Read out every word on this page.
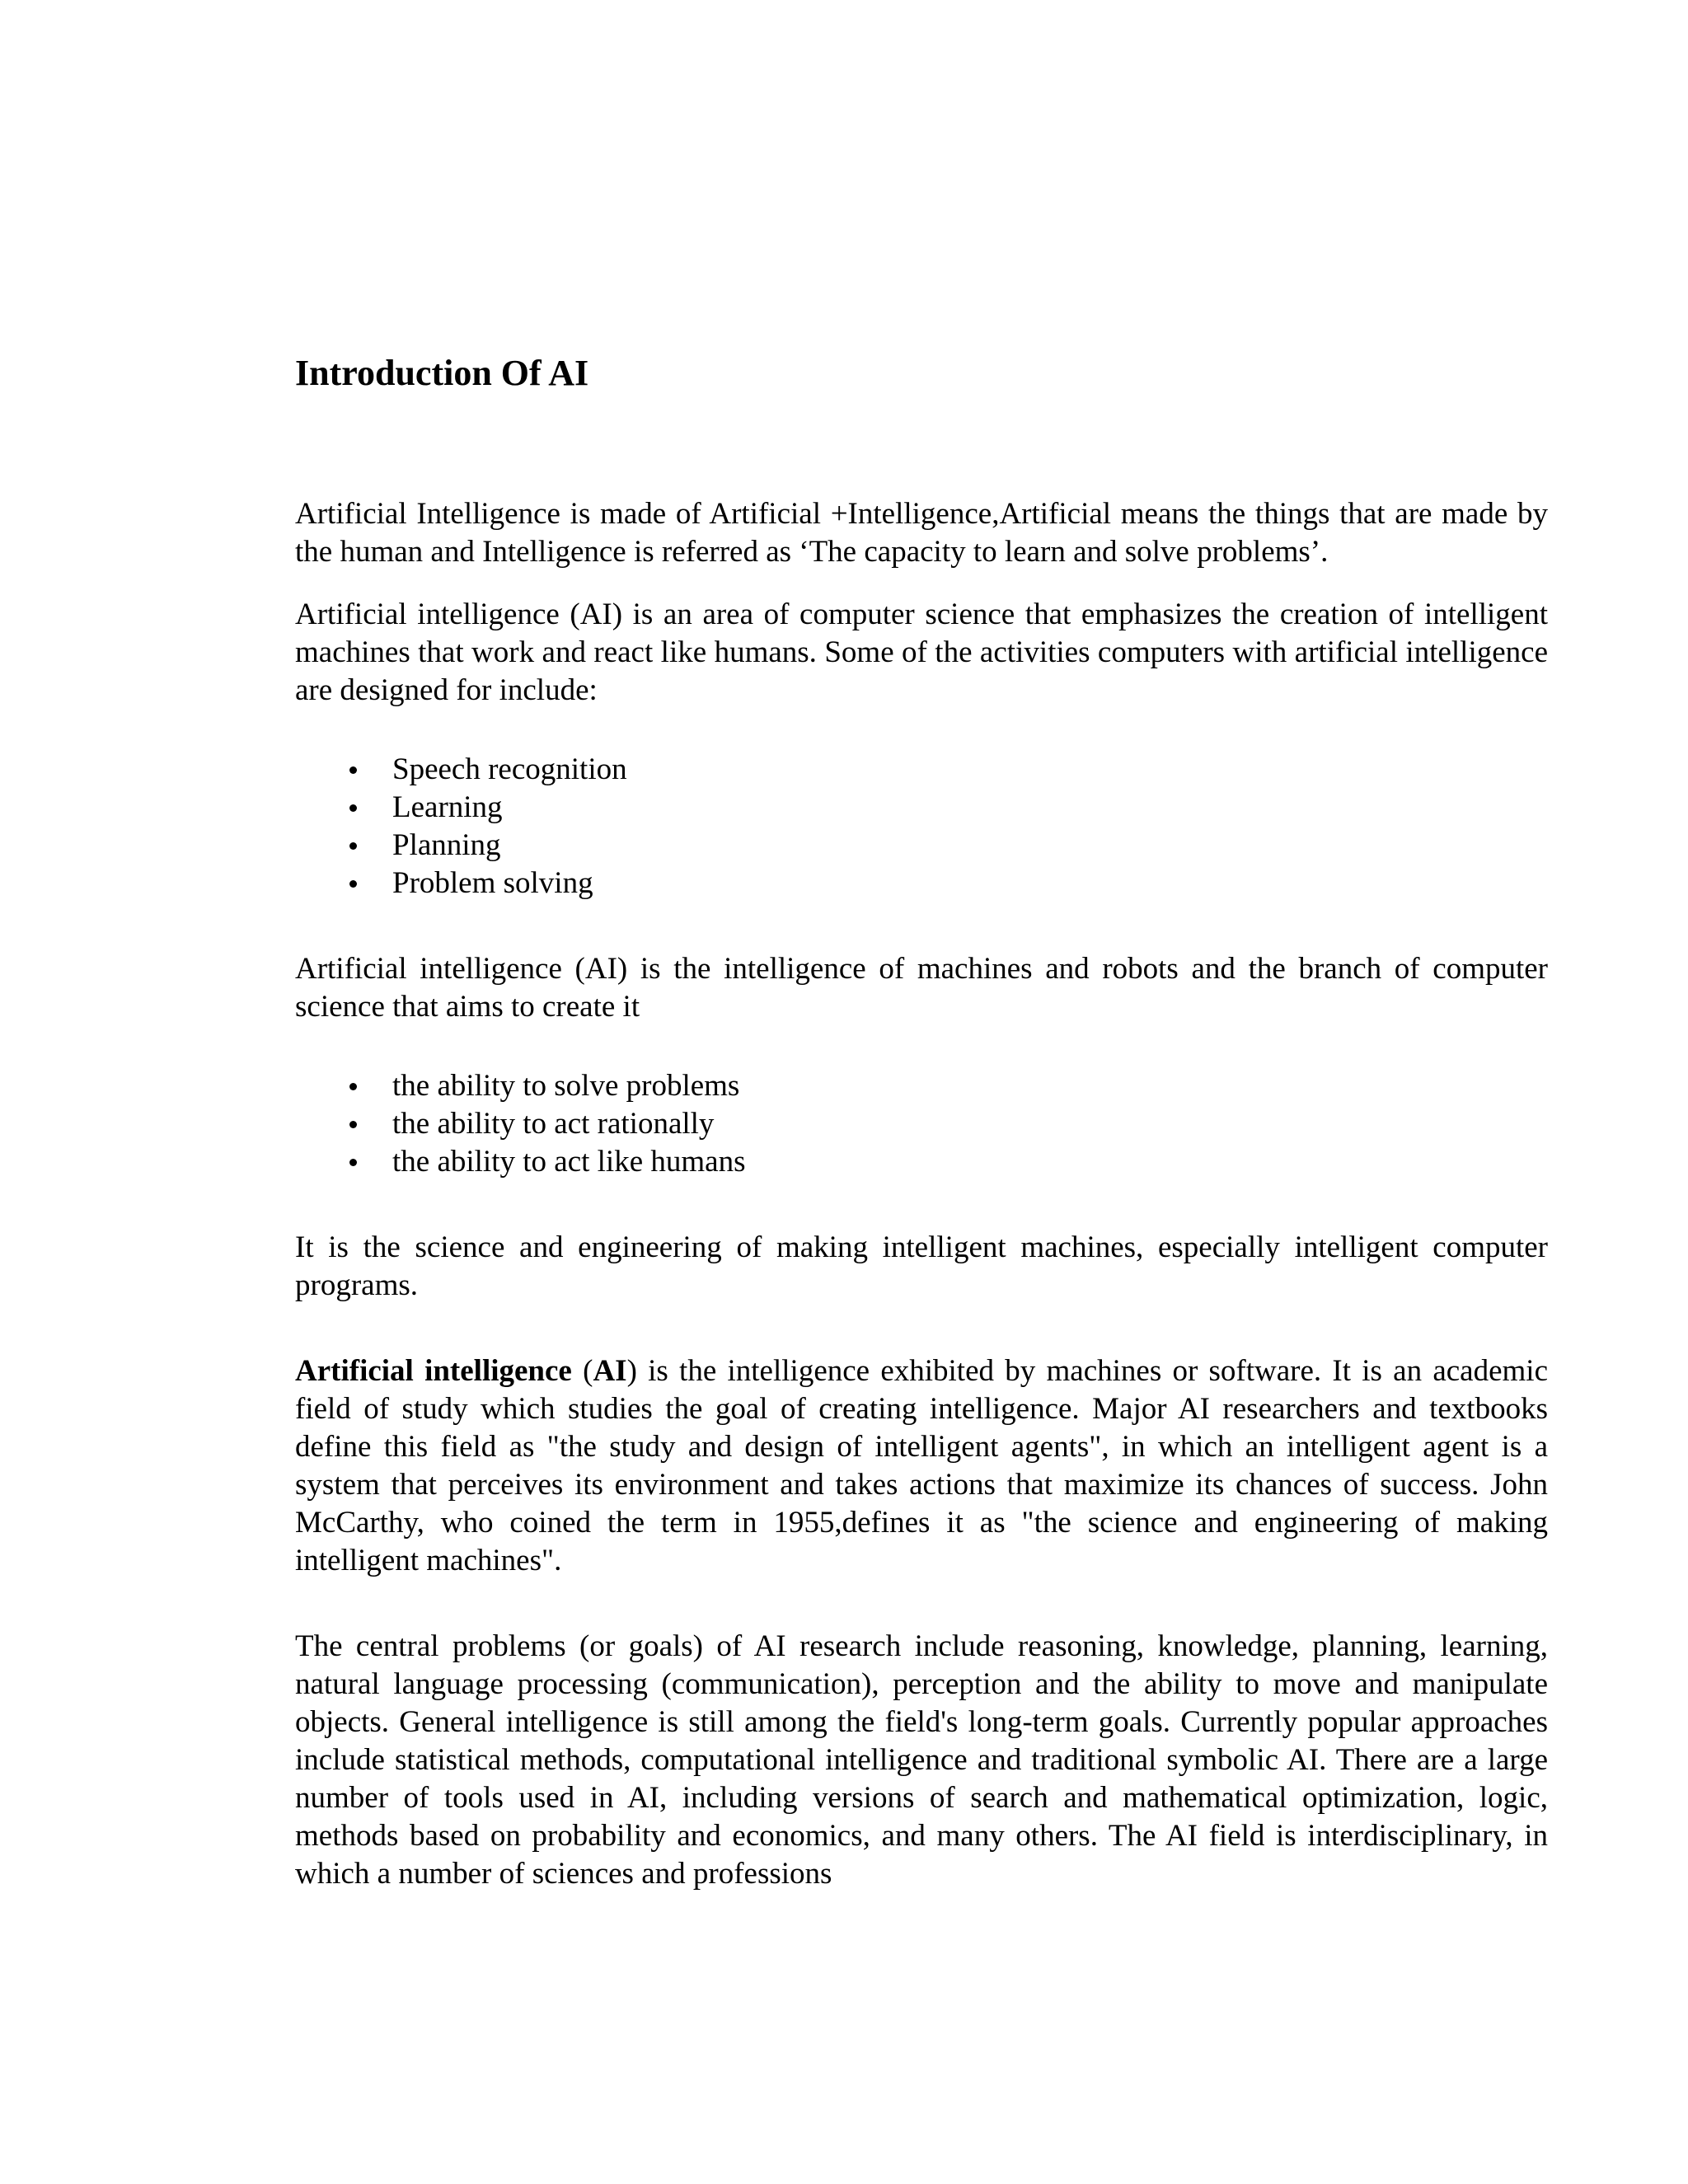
Introduction Of AI

Artificial Intelligence is made of Artificial +Intelligence,Artificial means the things that are made by the human and Intelligence is referred as ‘The capacity to learn and solve problems’.

Artificial intelligence (AI) is an area of computer science that emphasizes the creation of intelligent machines that work and react like humans. Some of the activities computers with artificial intelligence are designed for include:

Speech recognition
Learning
Planning
Problem solving

Artificial intelligence (AI) is the intelligence of machines and robots and the branch of computer science that aims to create it

the ability to solve problems
the ability to act rationally
the ability to act like humans

It is the science and engineering of making intelligent machines, especially intelligent computer programs.

Artificial intelligence (AI) is the intelligence exhibited by machines or software. It is an academic field of study which studies the goal of creating intelligence. Major AI researchers and textbooks define this field as "the study and design of intelligent agents", in which an intelligent agent is a system that perceives its environment and takes actions that maximize its chances of success. John McCarthy, who coined the term in 1955,defines it as "the science and engineering of making intelligent machines".

The central problems (or goals) of AI research include reasoning, knowledge, planning, learning, natural language processing (communication), perception and the ability to move and manipulate objects. General intelligence is still among the field's long-term goals. Currently popular approaches include statistical methods, computational intelligence and traditional symbolic AI. There are a large number of tools used in AI, including versions of search and mathematical optimization, logic, methods based on probability and economics, and many others. The AI field is interdisciplinary, in which a number of sciences and professions
